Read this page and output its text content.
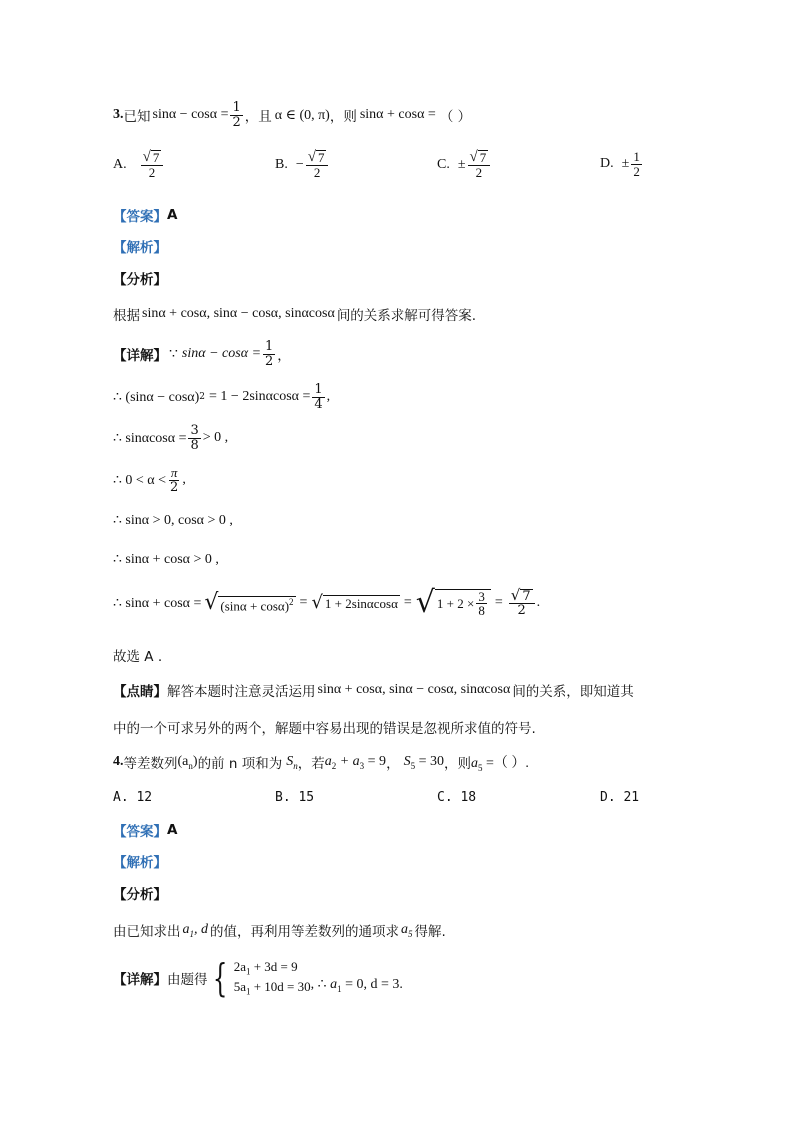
3. 已知 $\sin\alpha - \cos\alpha = \frac{1}{2}$ ，且 α ∈ (0, π) ，则 sinα + cosα = （ ）
A. $\frac{√ 7}{2}$	B. − $\frac{√ 7}{2}$	C. ± $\frac{√ 7}{2}$	D. ± $\frac{1}{2}$
【答案】 A
【解析】
【分析】
根据 sinα + cosα, sinα − cosα, sinαcosα 间的关系求解可得答案.
【详解】 ∵ $\sin\alpha - \cos\alpha = \frac{1}{2}$ ，
∴ (sinα − cosα) $2 = 1 - 2\sin\alpha\cos\alpha = \frac{1}{4}$ ,
∴ $\sin\alpha\cos\alpha = \frac{3}{8} > 0$ ,
∴ $0 < \alpha < \frac{\pi}{2}$ ,
∴ sinα > 0, cosα > 0 ,
∴ sinα + cosα > 0 ,
∴ sinα + cosα = √ $(\sin\alpha + \cos\alpha)^2$ = √ 1 + 2sinαcosα = √ $1 + 2 \times \frac{3}{8} = \frac{√ 7}{2}$ .
故选 A .
【点睛】 解答本题时注意灵活运用 sinα + cosα, sinα − cosα, sinαcosα 间的关系，即知道其
中的一个可求另外的两个，解题中容易出现的错误是忽视所求值的符号.
4. 等差数列 $(a_n)$ 的前 n 项和为 $S_n$ ，若 $a_2 + a_3 = 9$ ， $S_5 = 30$ ，则 $a_5$ =（ ）.
A. 12	B. 15	C. 18	D. 21
【答案】 A
【解析】
【分析】
由已知求出 $a_1$, d 的值，再利用等差数列的通项求 $a_5$ 得解.
【详解】 由题得 { $2a_1 + 3d = 9$
$5a_1 + 10d = 30$ , ∴ $a_1 = 0$, d = 3.
